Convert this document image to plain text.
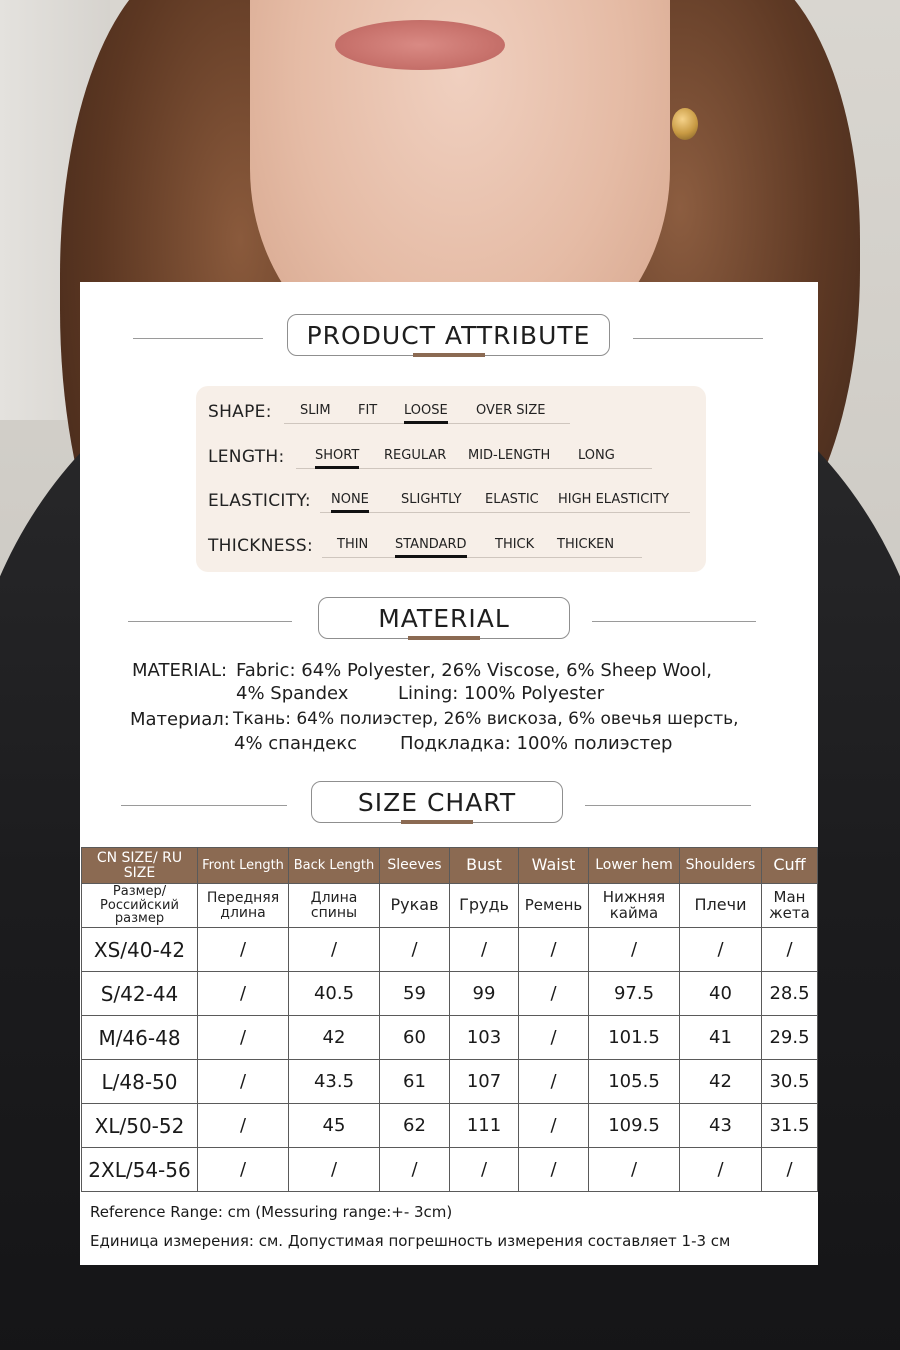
PRODUCT ATTRIBUTE
SHAPE: SLIM FIT LOOSE OVER SIZE
LENGTH: SHORT REGULAR MID-LENGTH LONG
ELASTICITY: NONE SLIGHTLY ELASTIC HIGH ELASTICITY
THICKNESS: THIN STANDARD THICK THICKEN
MATERIAL
MATERIAL: Fabric: 64% Polyester, 26% Viscose, 6% Sheep Wool,
4% Spandex	Lining: 100% Polyester
Материал: Ткань: 64% полиэстер, 26% вискоза, 6% овечья шерсть,
4% спандекс Подкладка: 100% полиэстер
SIZE CHART
CN SIZE/ RU SIZE	Front Length	Back Length	Sleeves	Bust	Waist	Lower hem	Shoulders	Cuff
Размер/ Российский размер	Передняя длина	Длина спины	Рукав	Грудь	Ремень	Нижняя кайма	Плечи	Ман жета
XS/40-42	/	/	/	/	/	/	/	/
S/42-44	/	40.5	59	99	/	97.5	40	28.5
M/46-48	/	42	60	103	/	101.5	41	29.5
L/48-50	/	43.5	61	107	/	105.5	42	30.5
XL/50-52	/	45	62	111	/	109.5	43	31.5
2XL/54-56	/	/	/	/	/	/	/	/
Reference Range: cm (Messuring range:+- 3cm)
Единица измерения: см. Допустимая погрешность измерения составляет 1-3 см
